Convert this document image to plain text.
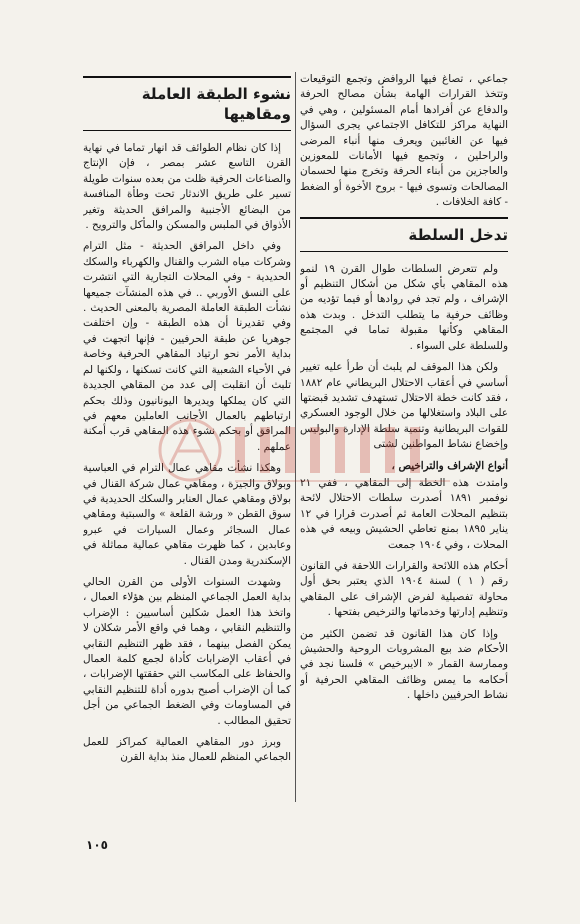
جماعي ، تصاغ فيها الروافض وتجمع التوقيعات وتتخذ القرارات الهامة بشأن مصالح الحرفة والدفاع عن أفرادها أمام المسئولين ، وهي في النهاية مراكز للتكافل الاجتماعي يجرى السؤال فيها عن الغائبين ويعرف منها أنباء المرضى والراحلين ، وتجمع فيها الأمانات للمعوزين والعاجزين من أبناء الحرفة وتخرج منها لحسمان المصالحات وتسوى فيها - بروح الأخوة أو الضغط - كافة الخلافات .

تدخل السلطة

ولم تتعرض السلطات طوال القرن ١٩ لنمو هذه المقاهي بأي شكل من أشكال التنظيم أو الإشراف ، ولم تجد في روادها أو فيما تؤديه من وظائف حرفية ما يتطلب التدخل . وبدت هذه المقاهي وكأنها مقبولة تماما في المجتمع وللسلطة على السواء .

ولكن هذا الموقف لم يلبث أن طرأ عليه تغيير أساسي في أعقاب الاحتلال البريطاني عام ١٨٨٢ ، فقد كانت خطة الاحتلال تستهدف تشديد قبضتها على البلاد واستغلالها من خلال الوجود العسكري للقوات البريطانية وتنمية سلطة الإدارة والبوليس وإخضاع نشاط المواطنين لشتى

أنواع الإشراف والتراخيص ،

وامتدت هذه الخطة إلى المقاهي ، ففي ٢١ نوفمبر ١٨٩١ أصدرت سلطات الاحتلال لائحة بتنظيم المحلات العامة ثم أصدرت قرارا في ١٢ يناير ١٨٩٥ بمنع تعاطي الحشيش وبيعه في هذه المحلات ، وفي ١٩٠٤ جمعت

أحكام هذه اللائحة والقرارات اللاحقة في القانون رقم ( ١ ) لسنة ١٩٠٤ الذي يعتبر بحق أول محاولة تفصيلية لفرض الإشراف على المقاهي وتنظيم إدارتها وخدماتها والترخيص بفتحها .

وإذا كان هذا القانون قد تضمن الكثير من الأحكام ضد بيع المشروبات الروحية والحشيش وممارسة القمار « الايبرخيص » فلسنا نجد في أحكامه ما يمس وظائف المقاهي الحرفية أو نشاط الحرفيين داخلها .

نشوء الطبقة العاملة ومقاهيها

إذا كان نظام الطوائف قد انهار تماما في نهاية القرن التاسع عشر بمصر ، فإن الإنتاج والصناعات الحرفية ظلت من بعده سنوات طويلة تسير على طريق الاندثار تحت وطأة المنافسة من البضائع الأجنبية والمرافق الحديثة وتغير الأذواق في الملبس والمسكن والمأكل والترويح .

وفي داخل المرافق الحديثة - مثل الترام وشركات مياه الشرب والقنال والكهرباء والسكك الحديدية - وفي المحلات التجارية التي انتشرت على النسق الأوربي .. في هذه المنشآت جميعها نشأت الطبقة العاملة المصرية بالمعنى الحديث . وفي تقديرنا أن هذه الطبقة - وإن اختلفت جوهريا عن طبقة الحرفيين - فإنها اتجهت في بداية الأمر نحو ارتياد المقاهي الحرفية وخاصة في الأحياء الشعبية التي كانت تسكنها ، ولكنها لم تلبث أن انقلبت إلى عدد من المقاهي الجديدة التي كان يملكها ويديرها اليونانيون وذلك بحكم ارتباطهم بالعمال الأجانب العاملين معهم في المرافق أو بحكم نشوء هذه المقاهي قرب أمكنة عملهم .

وهكذا نشأت مقاهي عمال الترام في العباسية وبولاق والجيزة ، ومقاهي عمال شركة القنال في بولاق ومقاهي عمال العنابر والسكك الحديدية في سوق القطن « ورشة القلعة » والسبتية ومقاهي عمال السجائر وعمال السيارات في عبرو وعابدين ، كما ظهرت مقاهي عمالية مماثلة في الإسكندرية ومدن القنال .

وشهدت السنوات الأولى من القرن الحالي بداية العمل الجماعي المنظم بين هؤلاء العمال ، واتخذ هذا العمل شكلين أساسيين : الإضراب والتنظيم النقابي ، وهما في واقع الأمر شكلان لا يمكن الفصل بينهما ، فقد ظهر التنظيم النقابي في أعقاب الإضرابات كأداة لجمع كلمة العمال والحفاظ على المكاسب التي حققتها الإضرابات ، كما أن الإضراب أصبح بدوره أداة للتنظيم النقابي في المساومات وفي الضغط الجماعي من أجل تحقيق المطالب .

وبرز دور المقاهي العمالية كمراكز للعمل الجماعي المنظم للعمال منذ بداية القرن

١٠٥
